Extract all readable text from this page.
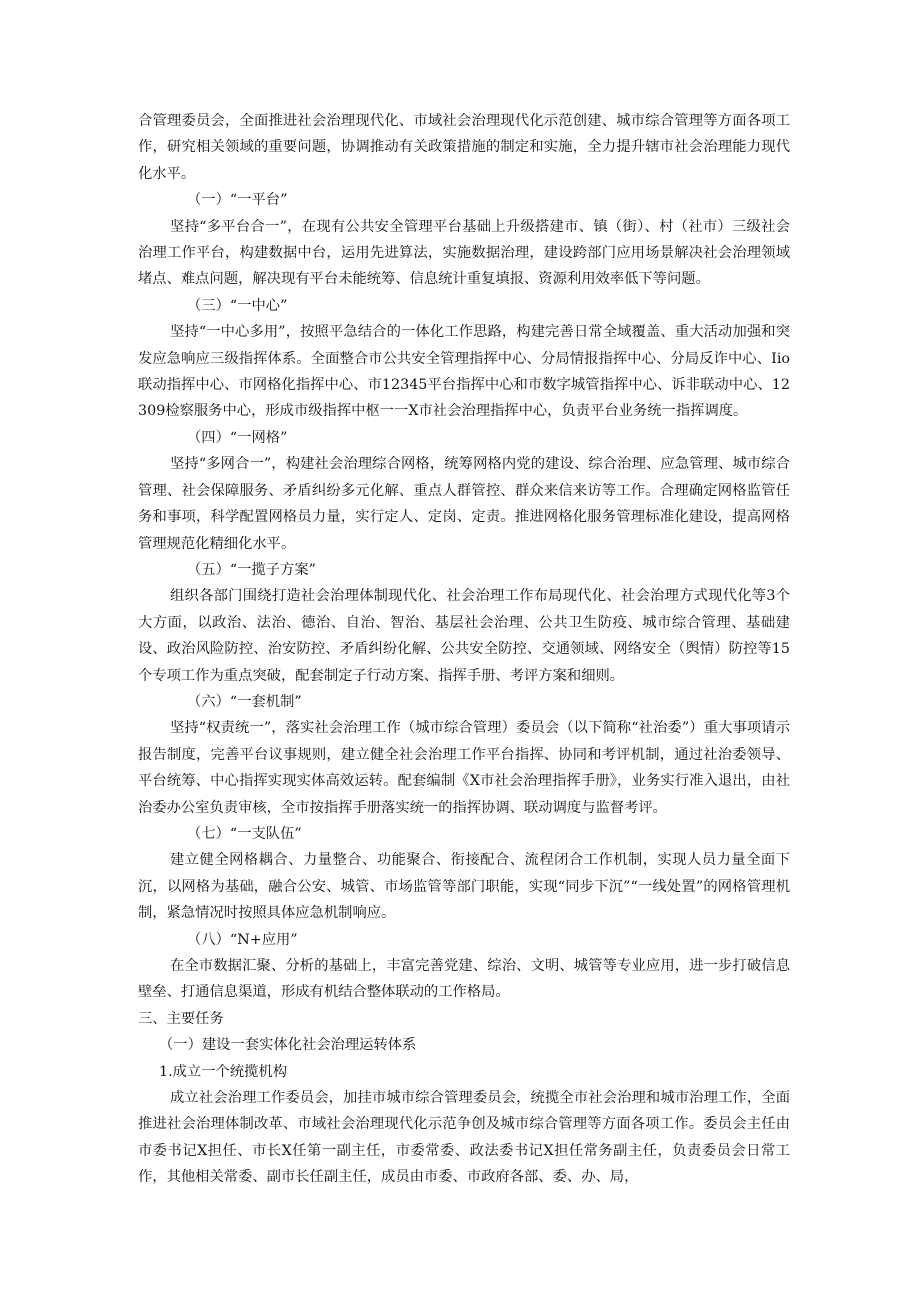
合管理委员会，全面推进社会治理现代化、市域社会治理现代化示范创建、城市综合管理等方面各项工作，研究相关领域的重要问题，协调推动有关政策措施的制定和实施，全力提升辖市社会治理能力现代化水平。

（一）“一平台”

坚持“多平台合一”，在现有公共安全管理平台基础上升级搭建市、镇（街）、村（社市）三级社会治理工作平台，构建数据中台，运用先进算法，实施数据治理，建设跨部门应用场景解决社会治理领域堵点、难点问题，解决现有平台未能统筹、信息统计重复填报、资源利用效率低下等问题。

（三）“一中心”

坚持“一中心多用”，按照平急结合的一体化工作思路，构建完善日常全域覆盖、重大活动加强和突发应急响应三级指挥体系。全面整合市公共安全管理指挥中心、分局情报指挥中心、分局反诈中心、Iio联动指挥中心、市网格化指挥中心、市12345平台指挥中心和市数字城管指挥中心、诉非联动中心、12309检察服务中心，形成市级指挥中枢一一X市社会治理指挥中心，负责平台业务统一指挥调度。

（四）“一网格”

坚持“多网合一”，构建社会治理综合网格，统筹网格内党的建设、综合治理、应急管理、城市综合管理、社会保障服务、矛盾纠纷多元化解、重点人群管控、群众来信来访等工作。合理确定网格监管任务和事项，科学配置网格员力量，实行定人、定岗、定责。推进网格化服务管理标准化建设，提高网格管理规范化精细化水平。

（五）“一揽子方案”

组织各部门围绕打造社会治理体制现代化、社会治理工作布局现代化、社会治理方式现代化等3个大方面，以政治、法治、德治、自治、智治、基层社会治理、公共卫生防疫、城市综合管理、基础建设、政治风险防控、治安防控、矛盾纠纷化解、公共安全防控、交通领域、网络安全（舆情）防控等15个专项工作为重点突破，配套制定子行动方案、指挥手册、考评方案和细则。

（六）“一套机制”

坚持“权责统一”，落实社会治理工作（城市综合管理）委员会（以下简称“社治委”）重大事项请示报告制度，完善平台议事规则，建立健全社会治理工作平台指挥、协同和考评机制，通过社治委领导、平台统筹、中心指挥实现实体高效运转。配套编制《X市社会治理指挥手册》，业务实行准入退出，由社治委办公室负责审核，全市按指挥手册落实统一的指挥协调、联动调度与监督考评。

（七）“一支队伍”

建立健全网格耦合、力量整合、功能聚合、衔接配合、流程闭合工作机制，实现人员力量全面下沉，以网格为基础，融合公安、城管、市场监管等部门职能，实现“同步下沉”“一线处置”的网格管理机制，紧急情况时按照具体应急机制响应。

（八）“N+应用”

在全市数据汇聚、分析的基础上，丰富完善党建、综治、文明、城管等专业应用，进一步打破信息壁垒、打通信息渠道，形成有机结合整体联动的工作格局。

三、主要任务

（一）建设一套实体化社会治理运转体系

1.成立一个统揽机构

成立社会治理工作委员会，加挂市城市综合管理委员会，统揽全市社会治理和城市治理工作，全面推进社会治理体制改革、市域社会治理现代化示范争创及城市综合管理等方面各项工作。委员会主任由市委书记X担任、市长X任第一副主任，市委常委、政法委书记X担任常务副主任，负责委员会日常工作，其他相关常委、副市长任副主任，成员由市委、市政府各部、委、办、局，
